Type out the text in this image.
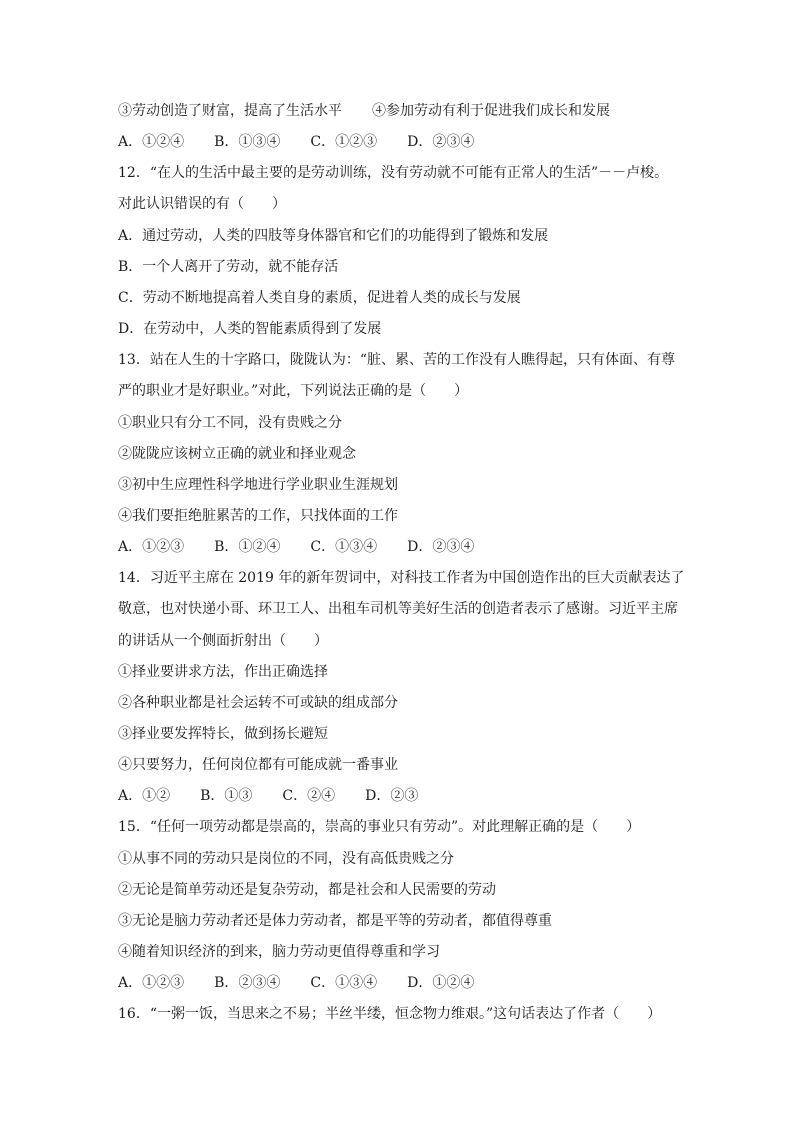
③劳动创造了财富，提高了生活水平 ④参加劳动有利于促进我们成长和发展
A．①②④ B．①③④ C．①②③ D．②③④
12．“在人的生活中最主要的是劳动训练，没有劳动就不可能有正常人的生活”－－卢梭。
对此认识错误的有（　　）
A．通过劳动，人类的四肢等身体器官和它们的功能得到了锻炼和发展
B．一个人离开了劳动，就不能存活
C．劳动不断地提高着人类自身的素质，促进着人类的成长与发展
D．在劳动中，人类的智能素质得到了发展
13．站在人生的十字路口，陇陇认为：“脏、累、苦的工作没有人瞧得起，只有体面、有尊
严的职业才是好职业。”对此，下列说法正确的是（　　）
①职业只有分工不同，没有贵贱之分
②陇陇应该树立正确的就业和择业观念
③初中生应理性科学地进行学业职业生涯规划
④我们要拒绝脏累苦的工作，只找体面的工作
A．①②③ B．①②④ C．①③④ D．②③④
14．习近平主席在 2019 年的新年贺词中，对科技工作者为中国创造作出的巨大贡献表达了
敬意，也对快递小哥、环卫工人、出租车司机等美好生活的创造者表示了感谢。习近平主席
的讲话从一个侧面折射出（　　）
①择业要讲求方法，作出正确选择
②各种职业都是社会运转不可或缺的组成部分
③择业要发挥特长，做到扬长避短
④只要努力，任何岗位都有可能成就一番事业
A．①② B．①③ C．②④ D．②③
15．“任何一项劳动都是崇高的，崇高的事业只有劳动”。对此理解正确的是（　　）
①从事不同的劳动只是岗位的不同，没有高低贵贱之分
②无论是简单劳动还是复杂劳动，都是社会和人民需要的劳动
③无论是脑力劳动者还是体力劳动者，都是平等的劳动者，都值得尊重
④随着知识经济的到来，脑力劳动更值得尊重和学习
A．①②③ B．②③④ C．①③④ D．①②④
16．“一粥一饭，当思来之不易；半丝半缕，恒念物力维艰。”这句话表达了作者（　　）
